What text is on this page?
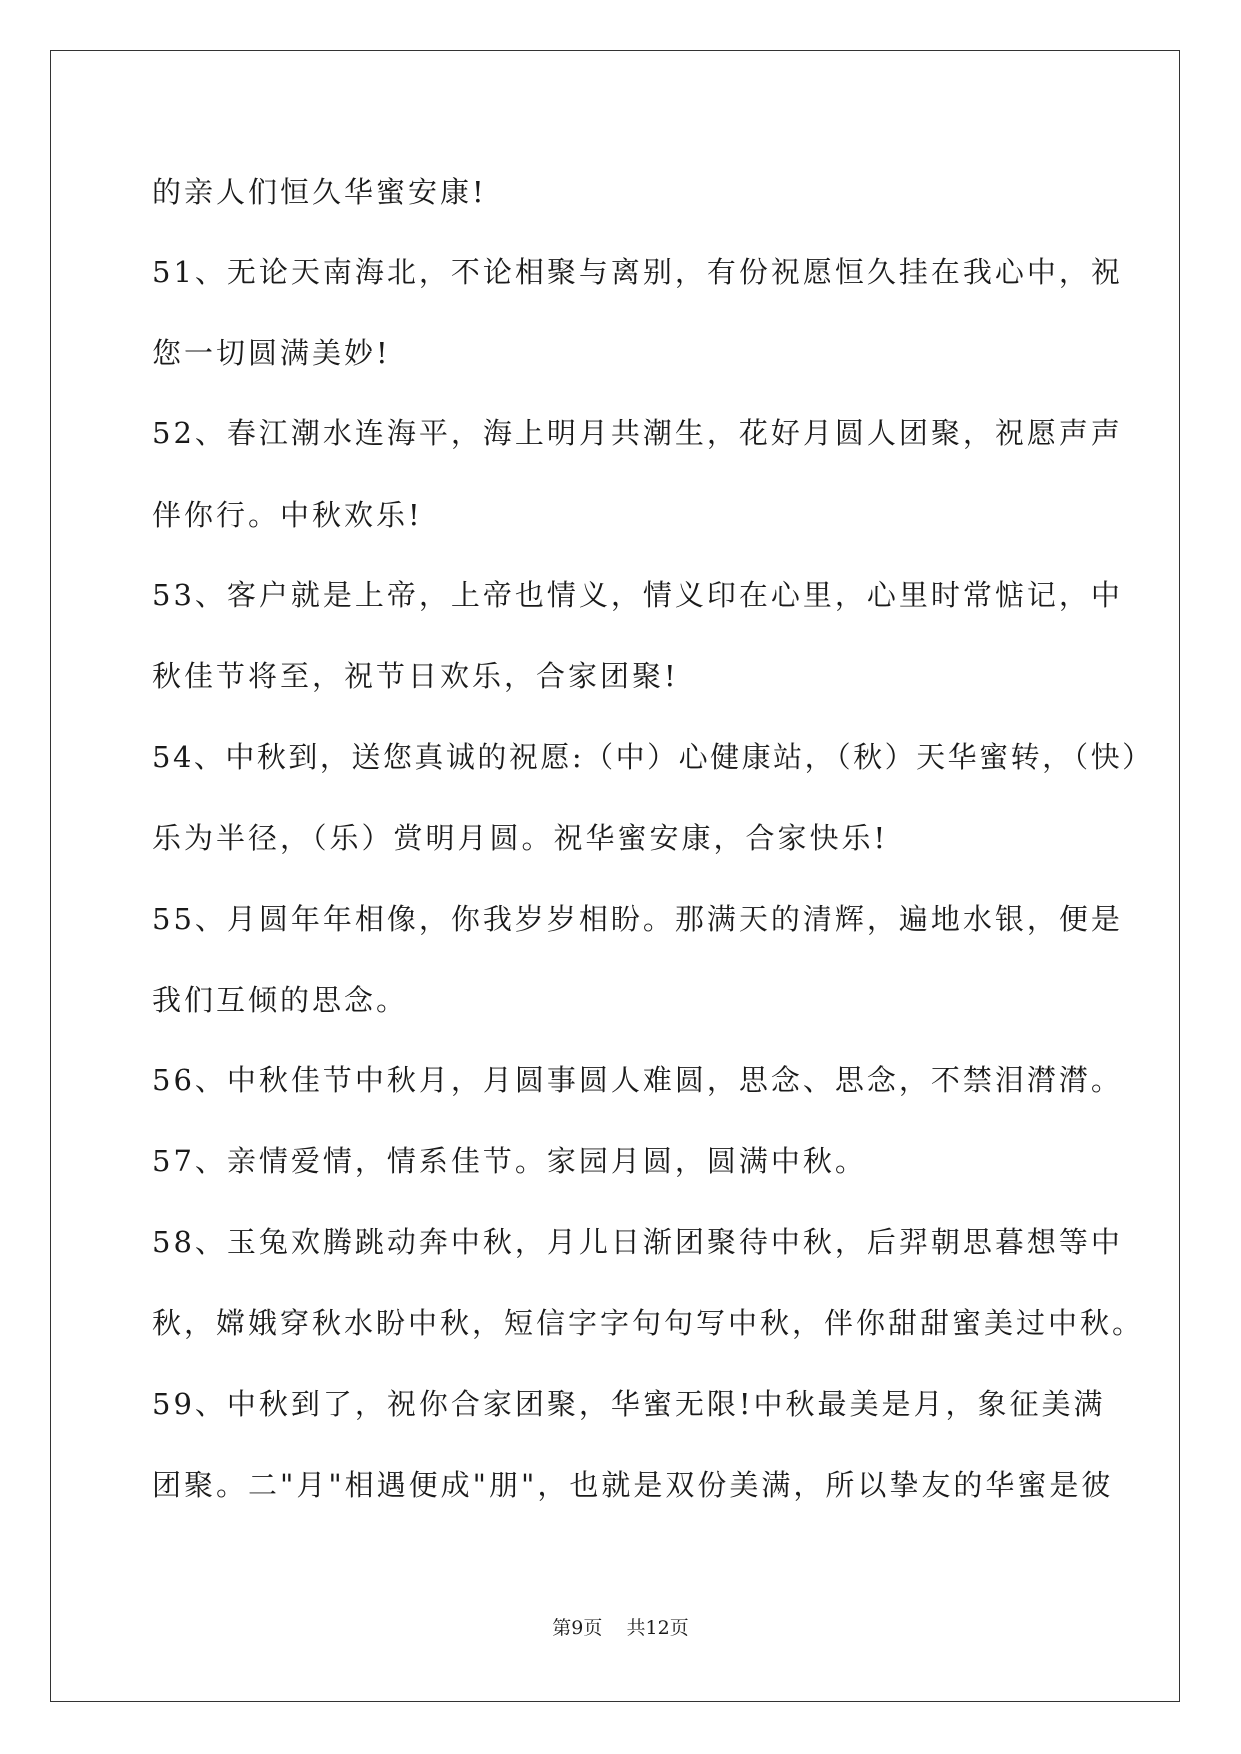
的亲人们恒久华蜜安康!
51、无论天南海北，不论相聚与离别，有份祝愿恒久挂在我心中，祝
您一切圆满美妙!
52、春江潮水连海平，海上明月共潮生，花好月圆人团聚，祝愿声声
伴你行。中秋欢乐!
53、客户就是上帝，上帝也情义，情义印在心里，心里时常惦记，中
秋佳节将至，祝节日欢乐，合家团聚!
54、中秋到，送您真诚的祝愿:（中）心健康站，（秋）天华蜜转，（快）
乐为半径，（乐）赏明月圆。祝华蜜安康，合家快乐!
55、月圆年年相像，你我岁岁相盼。那满天的清辉，遍地水银，便是
我们互倾的思念。
56、中秋佳节中秋月，月圆事圆人难圆，思念、思念，不禁泪潸潸。
57、亲情爱情，情系佳节。家园月圆，圆满中秋。
58、玉兔欢腾跳动奔中秋，月儿日渐团聚待中秋，后羿朝思暮想等中
秋，嫦娥穿秋水盼中秋，短信字字句句写中秋，伴你甜甜蜜美过中秋。
59、中秋到了，祝你合家团聚，华蜜无限!中秋最美是月，象征美满
团聚。二"月"相遇便成"朋"，也就是双份美满，所以挚友的华蜜是彼
第9页    共12页
